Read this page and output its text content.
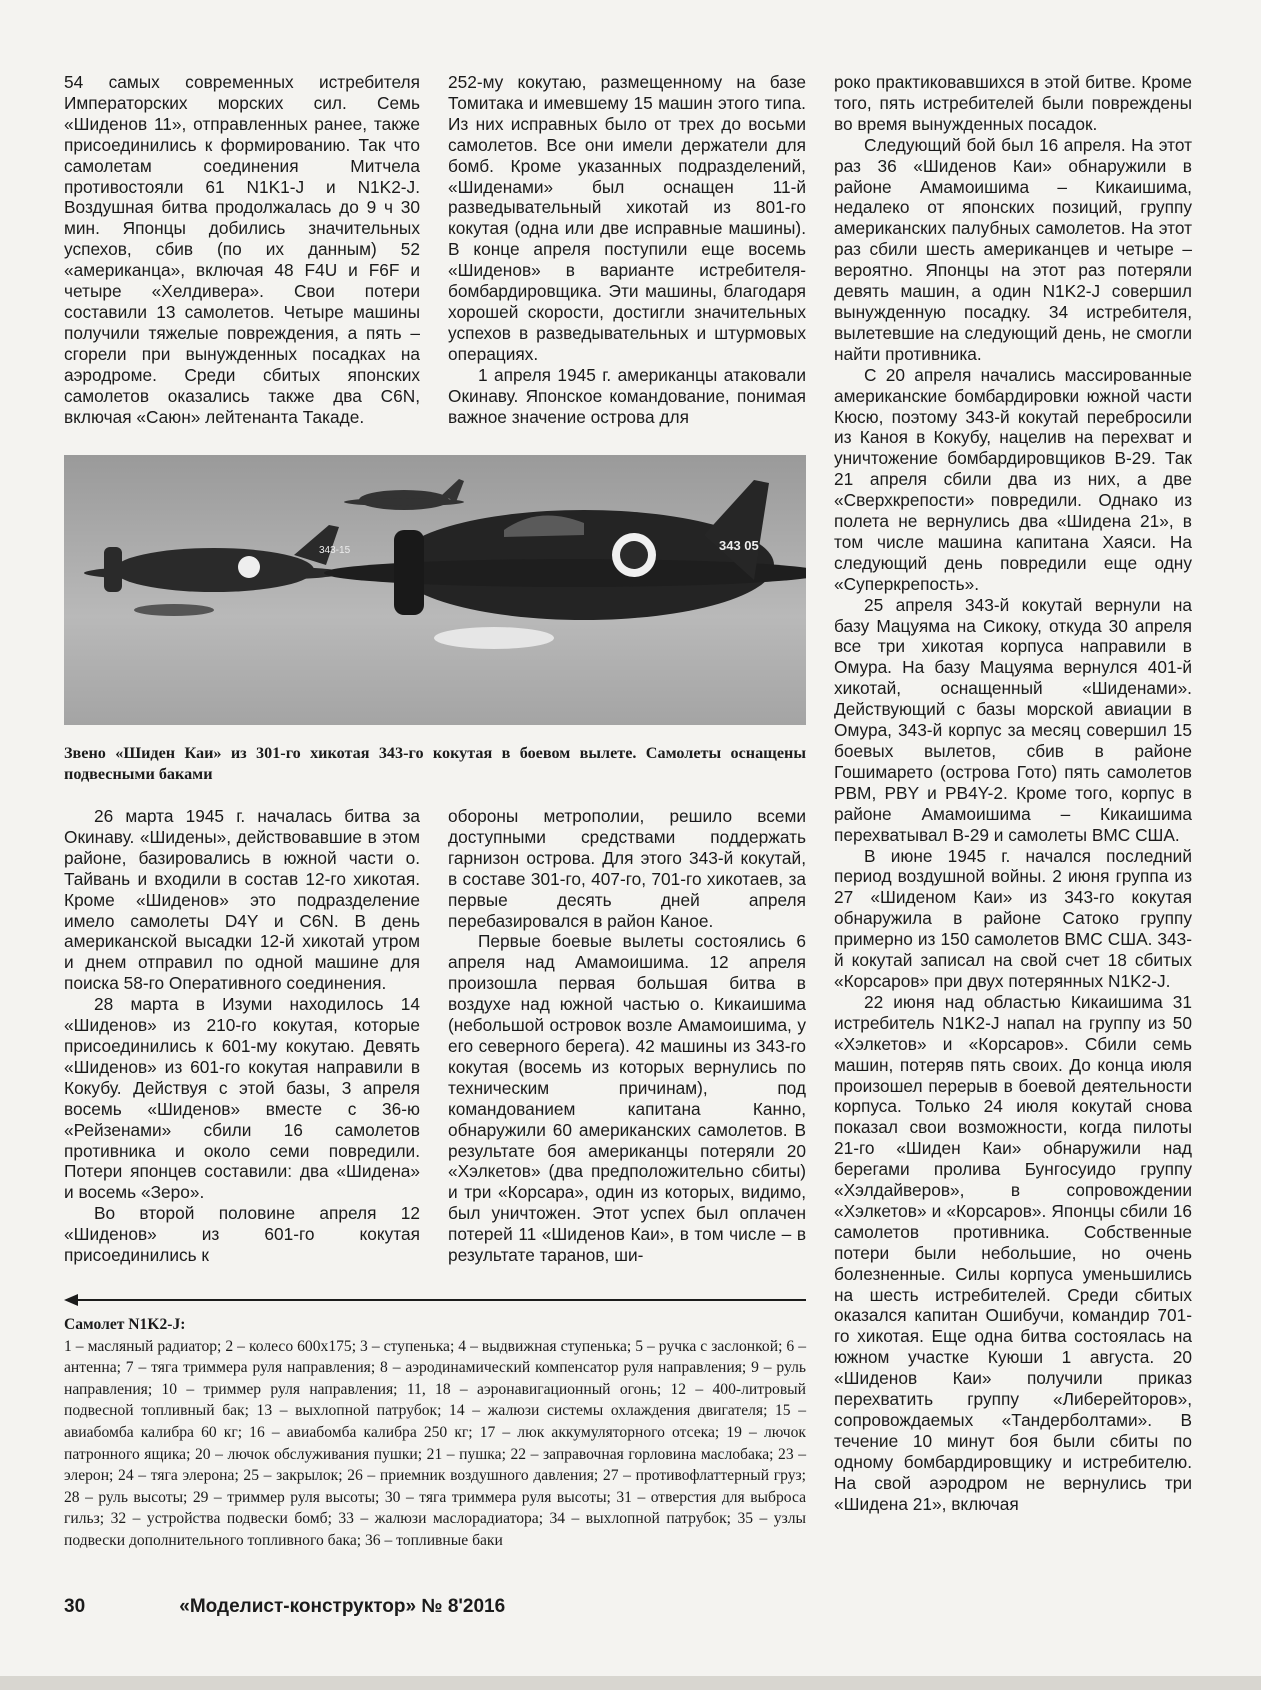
54 самых современных истребителя Императорских морских сил. Семь «Шиденов 11», отправленных ранее, также присоединились к формированию. Так что самолетам соединения Митчела противостояли 61 N1K1-J и N1K2-J. Воздушная битва продолжалась до 9 ч 30 мин. Японцы добились значительных успехов, сбив (по их данным) 52 «американца», включая 48 F4U и F6F и четыре «Хелдивера». Свои потери составили 13 самолетов. Четыре машины получили тяжелые повреждения, а пять – сгорели при вынужденных посадках на аэродроме. Среди сбитых японских самолетов оказались также два C6N, включая «Саюн» лейтенанта Такаде.

252-му кокутаю, размещенному на базе Томитака и имевшему 15 машин этого типа. Из них исправных было от трех до восьми самолетов. Все они имели держатели для бомб. Кроме указанных подразделений, «Шиденами» был оснащен 11-й разведывательный хикотай из 801-го кокутая (одна или две исправные машины). В конце апреля поступили еще восемь «Шиденов» в варианте истребителя-бомбардировщика. Эти машины, благодаря хорошей скорости, достигли значительных успехов в разведывательных и штурмовых операциях.

1 апреля 1945 г. американцы атаковали Окинаву. Японское командование, понимая важное значение острова для

343-15	343 05
Звено «Шиден Каи» из 301-го хикотая 343-го кокутая в боевом вылете. Самолеты оснащены подвесными баками

26 марта 1945 г. началась битва за Окинаву. «Шидены», действовавшие в этом районе, базировались в южной части о. Тайвань и входили в состав 12-го хикотая. Кроме «Шиденов» это подразделение имело самолеты D4Y и C6N. В день американской высадки 12-й хикотай утром и днем отправил по одной машине для поиска 58-го Оперативного соединения.

28 марта в Изуми находилось 14 «Шиденов» из 210-го кокутая, которые присоединились к 601-му кокутаю. Девять «Шиденов» из 601-го кокутая направили в Кокубу. Действуя с этой базы, 3 апреля восемь «Шиденов» вместе с 36-ю «Рейзенами» сбили 16 самолетов противника и около семи повредили. Потери японцев составили: два «Шидена» и восемь «Зеро».

Во второй половине апреля 12 «Шиденов» из 601-го кокутая присоединились к

обороны метрополии, решило всеми доступными средствами поддержать гарнизон острова. Для этого 343-й кокутай, в составе 301-го, 407-го, 701-го хикотаев, за первые десять дней апреля перебазировался в район Каноe.

Первые боевые вылеты состоялись 6 апреля над Амамоишима. 12 апреля произошла первая большая битва в воздухе над южной частью о. Кикаишима (небольшой островок возле Амамоишима, у его северного берега). 42 машины из 343-го кокутая (восемь из которых вернулись по техническим причинам), под командованием капитана Канно, обнаружили 60 американских самолетов. В результате боя американцы потеряли 20 «Хэлкетов» (два предположительно сбиты) и три «Корсара», один из которых, видимо, был уничтожен. Этот успех был оплачен потерей 11 «Шиденов Каи», в том числе – в результате таранов, ши-

роко практиковавшихся в этой битве. Кроме того, пять истребителей были повреждены во время вынужденных посадок.

Следующий бой был 16 апреля. На этот раз 36 «Шиденов Каи» обнаружили в районе Амамоишима – Кикаишима, недалеко от японских позиций, группу американских палубных самолетов. На этот раз сбили шесть американцев и четыре – вероятно. Японцы на этот раз потеряли девять машин, а один N1K2-J совершил вынужденную посадку. 34 истребителя, вылетевшие на следующий день, не смогли найти противника.

С 20 апреля начались массированные американские бомбардировки южной части Кюсю, поэтому 343-й кокутай перебросили из Каноя в Кокубу, нацелив на перехват и уничтожение бомбардировщиков B-29. Так 21 апреля сбили два из них, а две «Сверхкрепости» повредили. Однако из полета не вернулись два «Шидена 21», в том числе машина капитана Хаяси. На следующий день повредили еще одну «Суперкрепость».

25 апреля 343-й кокутай вернули на базу Мацуяма на Сикоку, откуда 30 апреля все три хикотая корпуса направили в Омура. На базу Мацуяма вернулся 401-й хикотай, оснащенный «Шиденами». Действующий с базы морской авиации в Омура, 343-й корпус за месяц совершил 15 боевых вылетов, сбив в районе Гошимарето (острова Гото) пять самолетов PBM, PBY и PB4Y-2. Кроме того, корпус в районе Амамоишима – Кикаишима перехватывал B-29 и самолеты ВМС США.

В июне 1945 г. начался последний период воздушной войны. 2 июня группа из 27 «Шиденом Каи» из 343-го кокутая обнаружила в районе Сатоко группу примерно из 150 самолетов ВМС США. 343-й кокутай записал на свой счет 18 сбитых «Корсаров» при двух потерянных N1K2-J.

22 июня над областью Кикаишима 31 истребитель N1K2-J напал на группу из 50 «Хэлкетов» и «Корсаров». Сбили семь машин, потеряв пять своих. До конца июля произошел перерыв в боевой деятельности корпуса. Только 24 июля кокутай снова показал свои возможности, когда пилоты 21-го «Шиден Каи» обнаружили над берегами пролива Бунгосуидо группу «Хэлдайверов», в сопровождении «Хэлкетов» и «Корсаров». Японцы сбили 16 самолетов противника. Собственные потери были небольшие, но очень болезненные. Силы корпуса уменьшились на шесть истребителей. Среди сбитых оказался капитан Ошибучи, командир 701-го хикотая. Еще одна битва состоялась на южном участке Куюши 1 августа. 20 «Шиденов Каи» получили приказ перехватить группу «Либерейторов», сопровождаемых «Тандерболтами». В течение 10 минут боя были сбиты по одному бомбардировщику и истребителю. На свой аэродром не вернулись три «Шидена 21», включая

Самолет N1K2-J:
1 – масляный радиатор; 2 – колесо 600x175; 3 – ступенька; 4 – выдвижная ступенька; 5 – ручка с заслонкой; 6 – антенна; 7 – тяга триммера руля направления; 8 – аэродинамический компенсатор руля направления; 9 – руль направления; 10 – триммер руля направления; 11, 18 – аэронавигационный огонь; 12 – 400-литровый подвесной топливный бак; 13 – выхлопной патрубок; 14 – жалюзи системы охлаждения двигателя; 15 – авиабомба калибра 60 кг; 16 – авиабомба калибра 250 кг; 17 – люк аккумуляторного отсека; 19 – лючок патронного ящика; 20 – лючок обслуживания пушки; 21 – пушка; 22 – заправочная горловина маслобака; 23 – элерон; 24 – тяга элерона; 25 – закрылок; 26 – приемник воздушного давления; 27 – противофлаттерный груз; 28 – руль высоты; 29 – триммер руля высоты; 30 – тяга триммера руля высоты; 31 – отверстия для выброса гильз; 32 – устройства подвески бомб; 33 – жалюзи маслорадиатора; 34 – выхлопной патрубок; 35 – узлы подвески дополнительного топливного бака; 36 – топливные баки
30	«Моделист-конструктор» № 8'2016
